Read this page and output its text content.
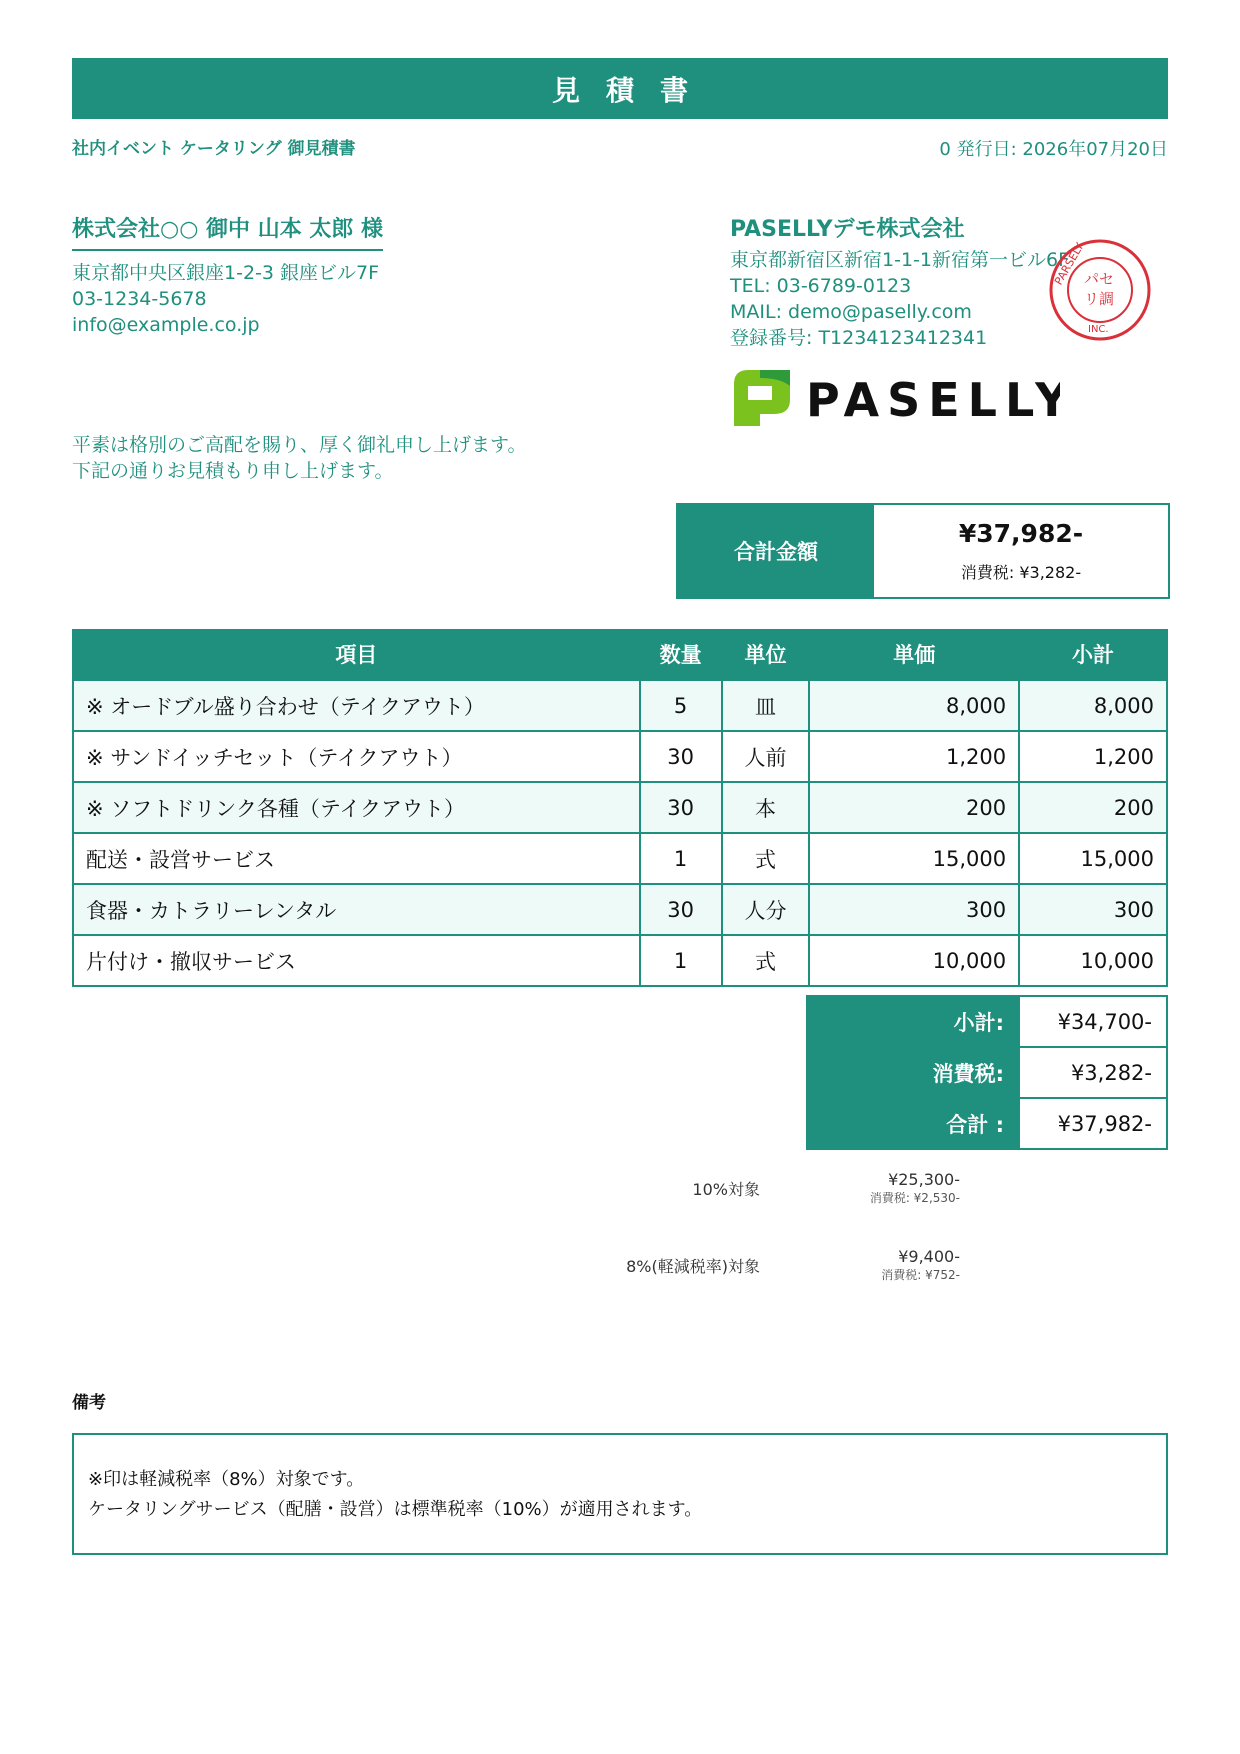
見積書
社内イベント ケータリング 御見積書	0 発行日: 2026年07月20日
株式会社○○ 御中 山本 太郎 様
東京都中央区銀座1-2-3 銀座ビル7F
03-1234-5678
info@example.co.jp
PASELLYデモ株式会社
東京都新宿区新宿1-1-1新宿第一ビル6F
TEL: 03-6789-0123
MAIL: demo@paselly.com
登録番号: T1234123412341
PARSELY
パセ
リ調
INC.
PASELLY
平素は格別のご高配を賜り、厚く御礼申し上げます。
下記の通りお見積もり申し上げます。
合計金額
¥37,982-
消費税: ¥3,282-
項目	数量	単位	単価	小計
※ オードブル盛り合わせ（テイクアウト）	5	皿	8,000	8,000
※ サンドイッチセット（テイクアウト）	30	人前	1,200	1,200
※ ソフトドリンク各種（テイクアウト）	30	本	200	200
配送・設営サービス	1	式	15,000	15,000
食器・カトラリーレンタル	30	人分	300	300
片付け・撤収サービス	1	式	10,000	10,000
小計:	¥34,700-
消費税:	¥3,282-
合計 :	¥37,982-
10%対象	¥25,300-
消費税: ¥2,530-
8%(軽減税率)対象	¥9,400-
消費税: ¥752-
備考
※印は軽減税率（8%）対象です。
ケータリングサービス（配膳・設営）は標準税率（10%）が適用されます。
